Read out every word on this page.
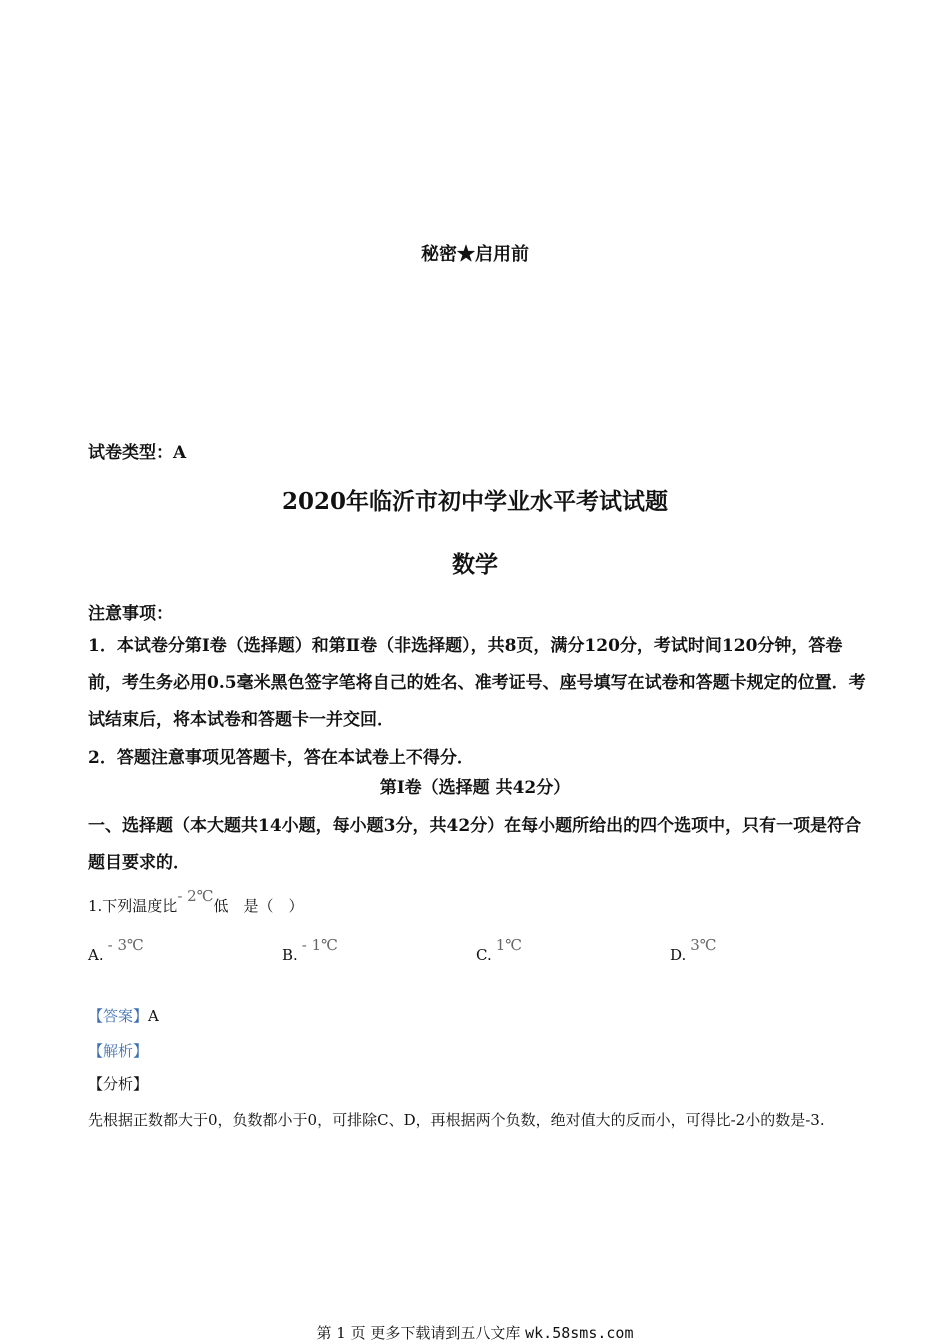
秘密★启用前
试卷类型：A
2020年临沂市初中学业水平考试试题
数学
注意事项：
1．本试卷分第Ⅰ卷（选择题）和第Ⅱ卷（非选择题），共8页，满分120分，考试时间120分钟，答卷前，考生务必用0.5毫米黑色签字笔将自己的姓名、准考证号、座号填写在试卷和答题卡规定的位置．考试结束后，将本试卷和答题卡一并交回．
2．答题注意事项见答题卡，答在本试卷上不得分．
第Ⅰ卷（选择题 共42分）
一、选择题（本大题共14小题，每小题3分，共42分）在每小题所给出的四个选项中，只有一项是符合题目要求的．
1.下列温度比- 2℃低　是（　）
A.- 3℃
B.- 1℃
C.1℃
D.3℃
【答案】A
【解析】
【分析】
先根据正数都大于0，负数都小于0，可排除C、D，再根据两个负数，绝对值大的反而小，可得比-2小的数是-3.
第 1 页 更多下载请到五八文库 wk.58sms.com
